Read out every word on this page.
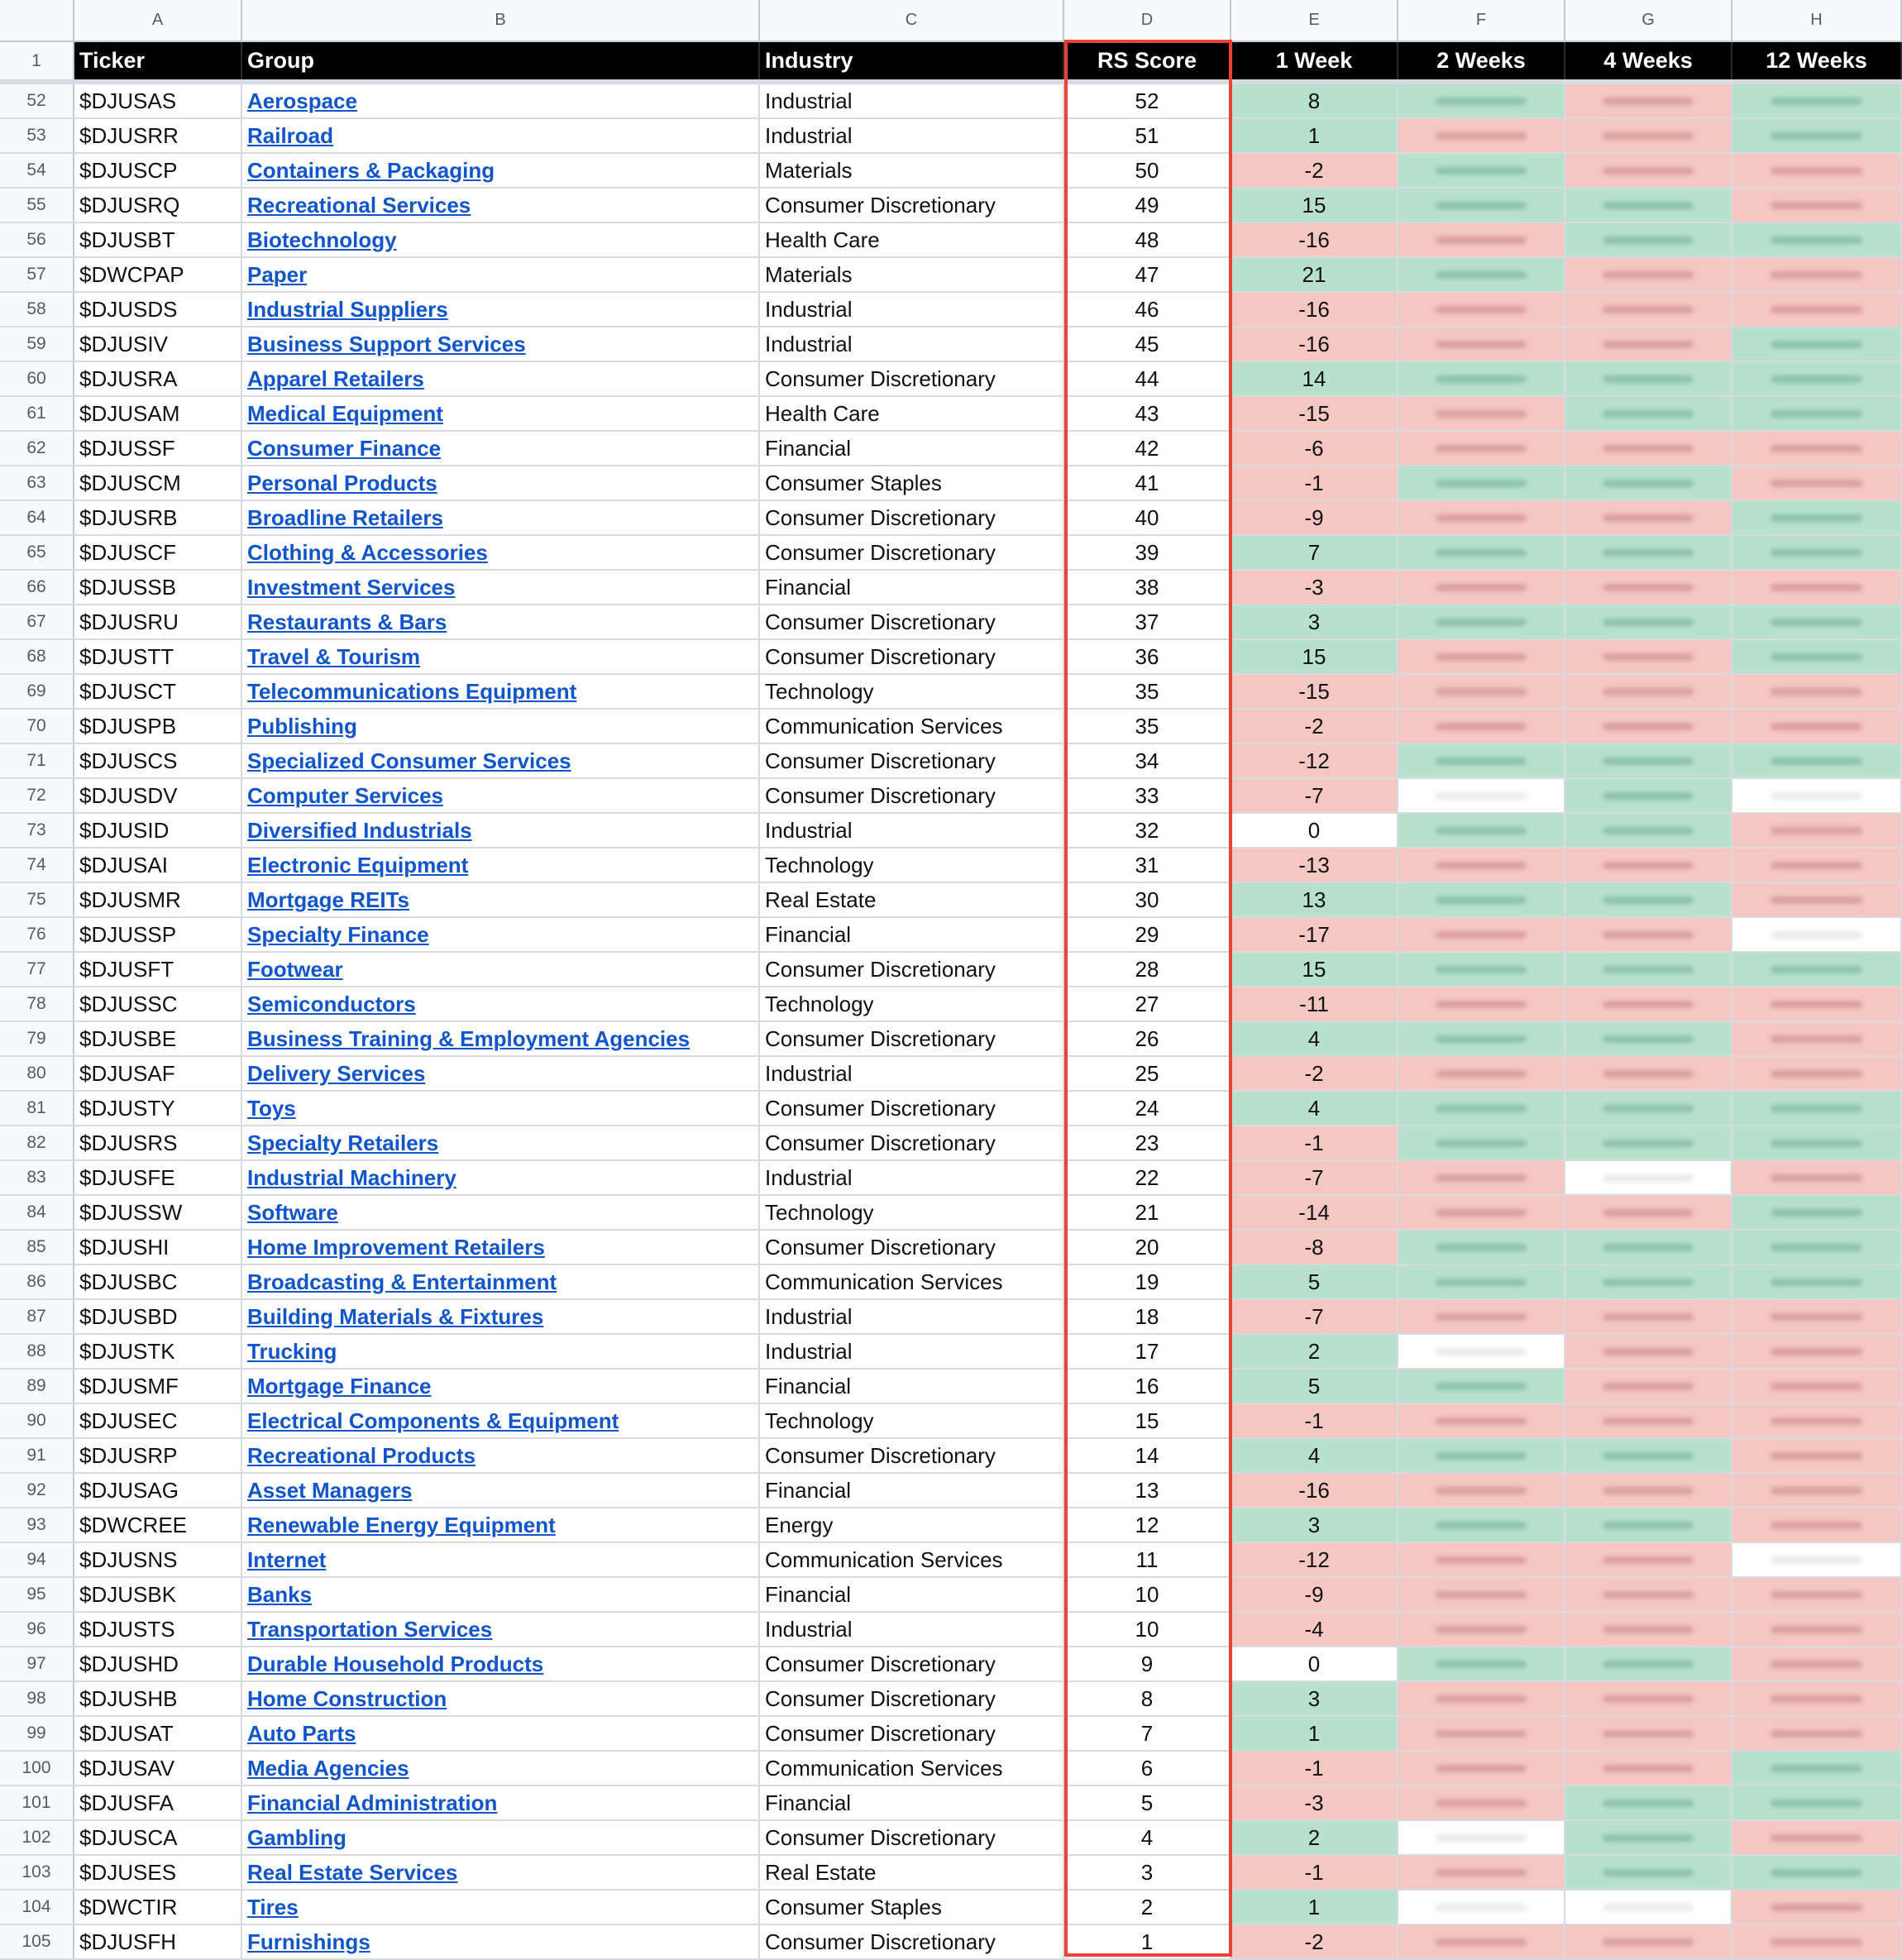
A	B	C	D	E	F	G	H
1	Ticker	Group	Industry	RS Score	1 Week	2 Weeks	4 Weeks	12 Weeks
52	$DJUSAS	Aerospace	Industrial	52	8
53	$DJUSRR	Railroad	Industrial	51	1
54	$DJUSCP	Containers & Packaging	Materials	50	-2
55	$DJUSRQ	Recreational Services	Consumer Discretionary	49	15
56	$DJUSBT	Biotechnology	Health Care	48	-16
57	$DWCPAP	Paper	Materials	47	21
58	$DJUSDS	Industrial Suppliers	Industrial	46	-16
59	$DJUSIV	Business Support Services	Industrial	45	-16
60	$DJUSRA	Apparel Retailers	Consumer Discretionary	44	14
61	$DJUSAM	Medical Equipment	Health Care	43	-15
62	$DJUSSF	Consumer Finance	Financial	42	-6
63	$DJUSCM	Personal Products	Consumer Staples	41	-1
64	$DJUSRB	Broadline Retailers	Consumer Discretionary	40	-9
65	$DJUSCF	Clothing & Accessories	Consumer Discretionary	39	7
66	$DJUSSB	Investment Services	Financial	38	-3
67	$DJUSRU	Restaurants & Bars	Consumer Discretionary	37	3
68	$DJUSTT	Travel & Tourism	Consumer Discretionary	36	15
69	$DJUSCT	Telecommunications Equipment	Technology	35	-15
70	$DJUSPB	Publishing	Communication Services	35	-2
71	$DJUSCS	Specialized Consumer Services	Consumer Discretionary	34	-12
72	$DJUSDV	Computer Services	Consumer Discretionary	33	-7
73	$DJUSID	Diversified Industrials	Industrial	32	0
74	$DJUSAI	Electronic Equipment	Technology	31	-13
75	$DJUSMR	Mortgage REITs	Real Estate	30	13
76	$DJUSSP	Specialty Finance	Financial	29	-17
77	$DJUSFT	Footwear	Consumer Discretionary	28	15
78	$DJUSSC	Semiconductors	Technology	27	-11
79	$DJUSBE	Business Training & Employment Agencies	Consumer Discretionary	26	4
80	$DJUSAF	Delivery Services	Industrial	25	-2
81	$DJUSTY	Toys	Consumer Discretionary	24	4
82	$DJUSRS	Specialty Retailers	Consumer Discretionary	23	-1
83	$DJUSFE	Industrial Machinery	Industrial	22	-7
84	$DJUSSW	Software	Technology	21	-14
85	$DJUSHI	Home Improvement Retailers	Consumer Discretionary	20	-8
86	$DJUSBC	Broadcasting & Entertainment	Communication Services	19	5
87	$DJUSBD	Building Materials & Fixtures	Industrial	18	-7
88	$DJUSTK	Trucking	Industrial	17	2
89	$DJUSMF	Mortgage Finance	Financial	16	5
90	$DJUSEC	Electrical Components & Equipment	Technology	15	-1
91	$DJUSRP	Recreational Products	Consumer Discretionary	14	4
92	$DJUSAG	Asset Managers	Financial	13	-16
93	$DWCREE	Renewable Energy Equipment	Energy	12	3
94	$DJUSNS	Internet	Communication Services	11	-12
95	$DJUSBK	Banks	Financial	10	-9
96	$DJUSTS	Transportation Services	Industrial	10	-4
97	$DJUSHD	Durable Household Products	Consumer Discretionary	9	0
98	$DJUSHB	Home Construction	Consumer Discretionary	8	3
99	$DJUSAT	Auto Parts	Consumer Discretionary	7	1
100	$DJUSAV	Media Agencies	Communication Services	6	-1
101	$DJUSFA	Financial Administration	Financial	5	-3
102	$DJUSCA	Gambling	Consumer Discretionary	4	2
103	$DJUSES	Real Estate Services	Real Estate	3	-1
104	$DWCTIR	Tires	Consumer Staples	2	1
105	$DJUSFH	Furnishings	Consumer Discretionary	1	-2
